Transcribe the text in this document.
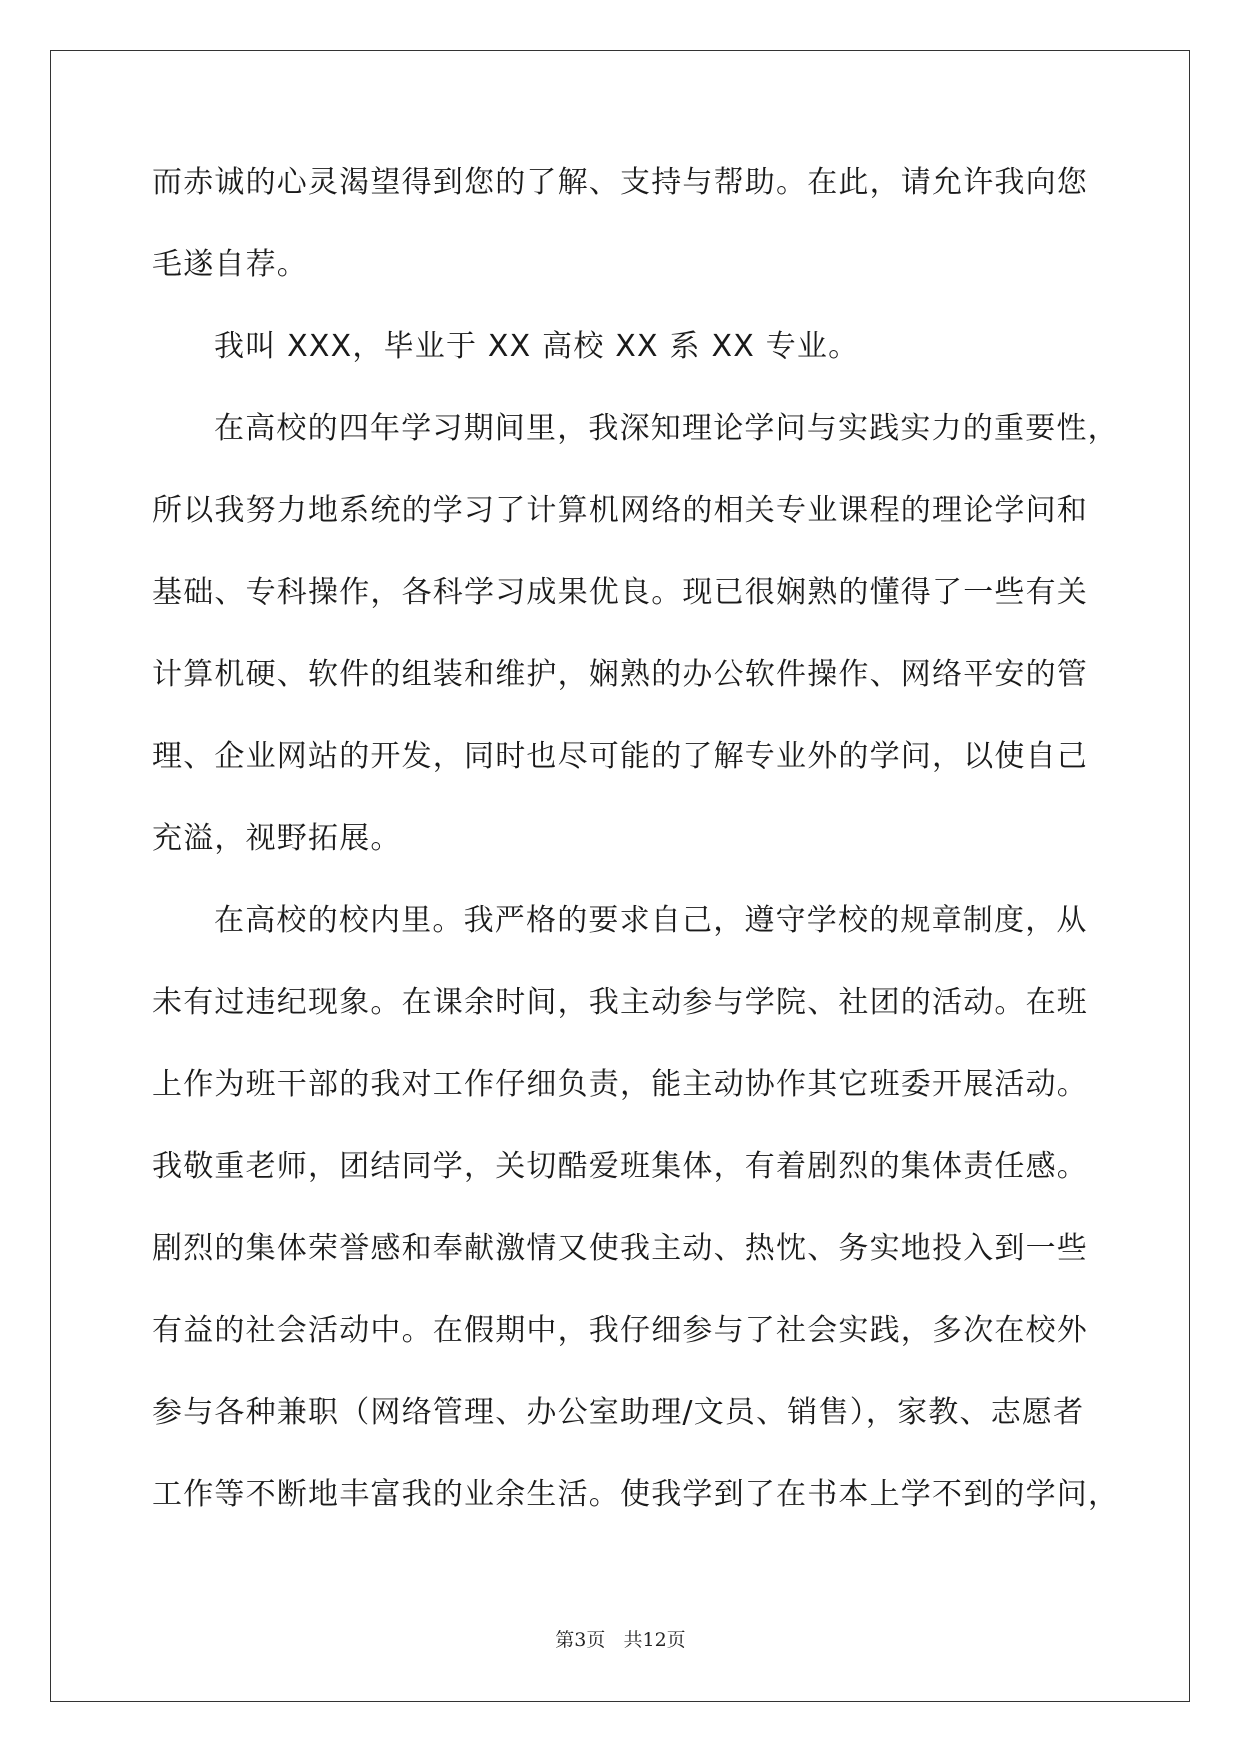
而赤诚的心灵渴望得到您的了解、支持与帮助。在此，请允许我向您
毛遂自荐。
我叫 XXX，毕业于 XX 高校 XX 系 XX 专业。
在高校的四年学习期间里，我深知理论学问与实践实力的重要性，
所以我努力地系统的学习了计算机网络的相关专业课程的理论学问和
基础、专科操作，各科学习成果优良。现已很娴熟的懂得了一些有关
计算机硬、软件的组装和维护，娴熟的办公软件操作、网络平安的管
理、企业网站的开发，同时也尽可能的了解专业外的学问，以使自己
充溢，视野拓展。
在高校的校内里。我严格的要求自己，遵守学校的规章制度，从
未有过违纪现象。在课余时间，我主动参与学院、社团的活动。在班
上作为班干部的我对工作仔细负责，能主动协作其它班委开展活动。
我敬重老师，团结同学，关切酷爱班集体，有着剧烈的集体责任感。
剧烈的集体荣誉感和奉献激情又使我主动、热忱、务实地投入到一些
有益的社会活动中。在假期中，我仔细参与了社会实践，多次在校外
参与各种兼职（网络管理、办公室助理/文员、销售），家教、志愿者
工作等不断地丰富我的业余生活。使我学到了在书本上学不到的学问，
第3页   共12页
